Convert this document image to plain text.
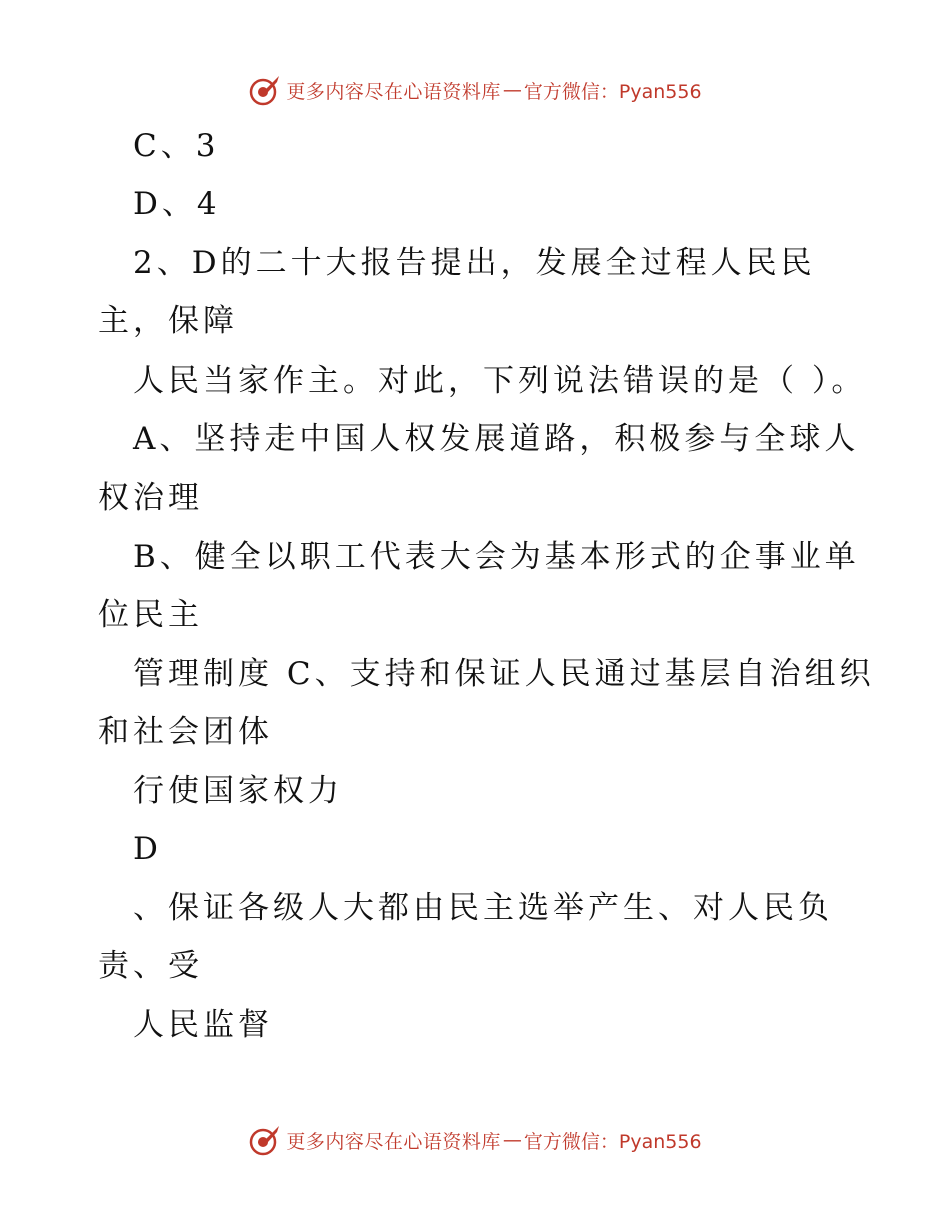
更多内容尽在心语资料库 — 官方微信：Pyan556
C、3
D、4
2、D的二十大报告提出，发展全过程人民民
主，保障
人民当家作主。对此，下列说法错误的是（ ）。
A、坚持走中国人权发展道路，积极参与全球人
权治理
B、健全以职工代表大会为基本形式的企事业单
位民主
管理制度 C、支持和保证人民通过基层自治组织
和社会团体
行使国家权力
D
、保证各级人大都由民主选举产生、对人民负
责、受
人民监督
更多内容尽在心语资料库 — 官方微信：Pyan556
